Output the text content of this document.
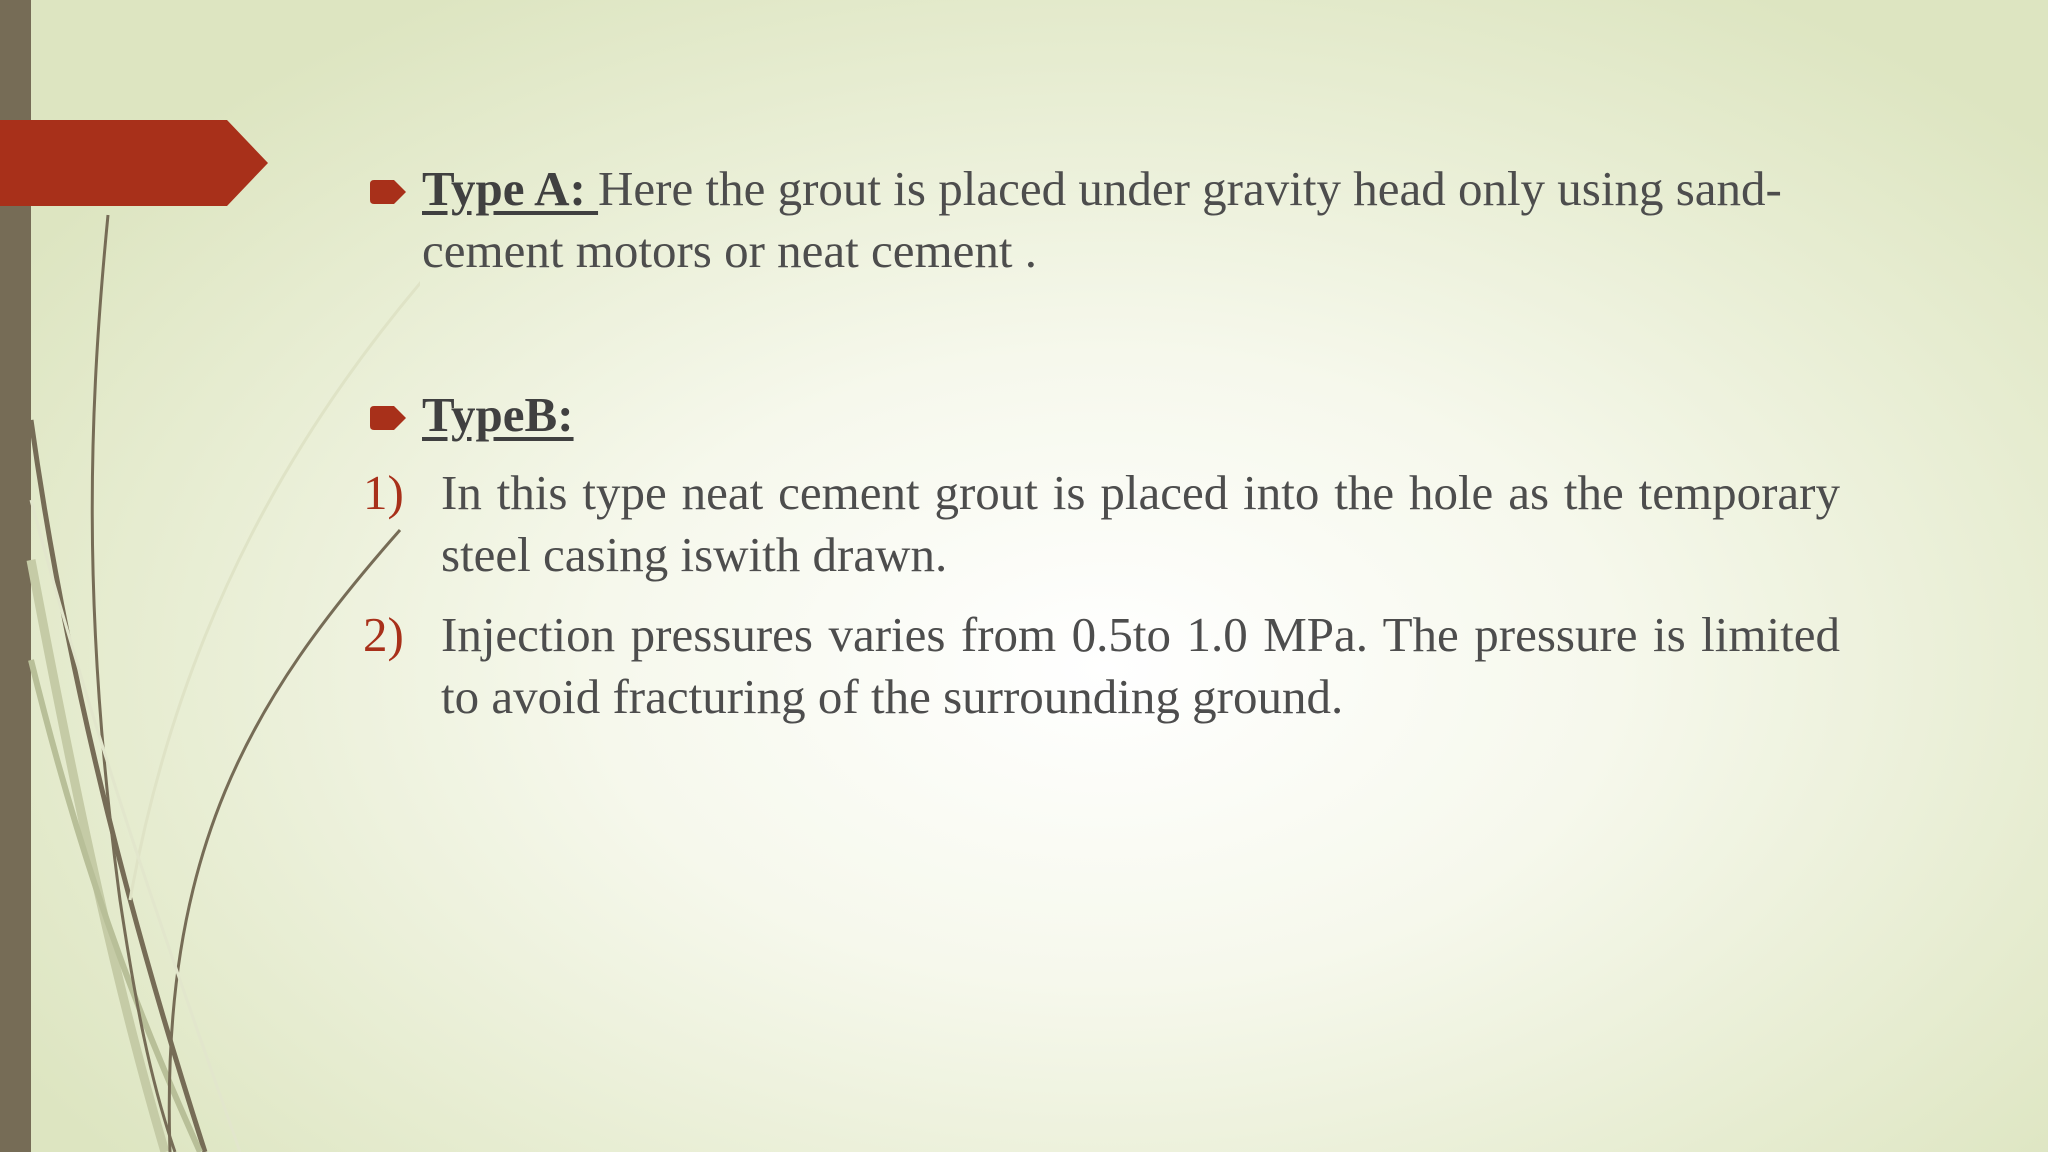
Type A: Here the grout is placed under gravity head only using sand-cement motors or neat cement .
TypeB:
1) In this type neat cement grout is placed into the hole as the temporary steel casing iswith drawn.
2) Injection pressures varies from 0.5to 1.0 MPa. The pressure is limited to avoid fracturing of the surrounding ground.
